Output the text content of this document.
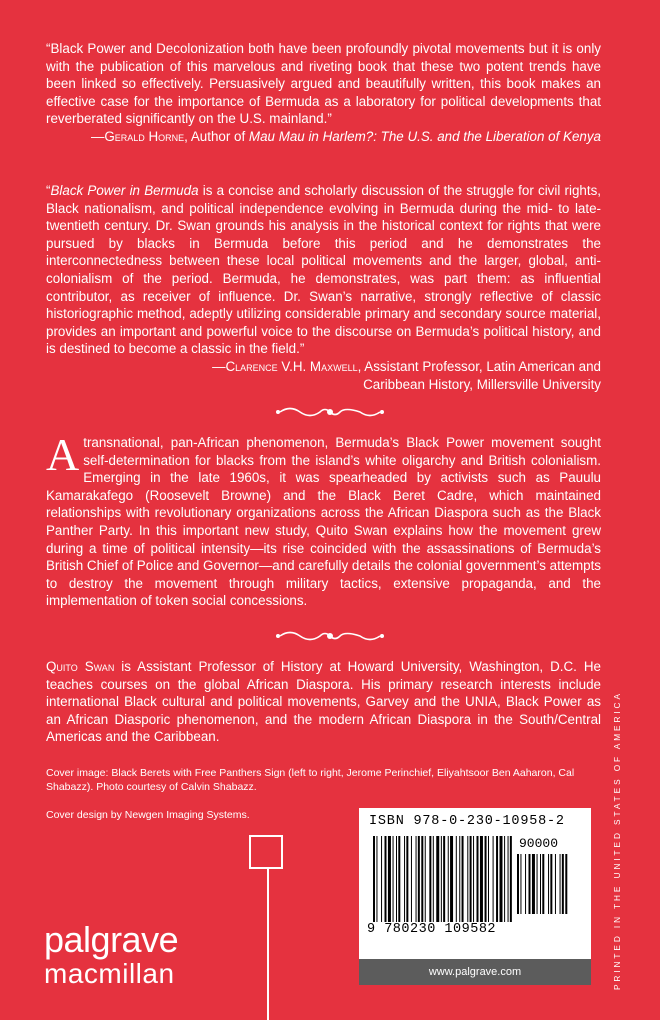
“Black Power and Decolonization both have been profoundly pivotal movements but it is only with the publication of this marvelous and riveting book that these two potent trends have been linked so effectively. Persuasively argued and beautifully written, this book makes an effective case for the importance of Bermuda as a laboratory for political developments that reverberated significantly on the U.S. mainland.”
—Gerald Horne, Author of Mau Mau in Harlem?: The U.S. and the Liberation of Kenya
“Black Power in Bermuda is a concise and scholarly discussion of the struggle for civil rights, Black nationalism, and political independence evolving in Bermuda during the mid- to late-twentieth century. Dr. Swan grounds his analysis in the historical context for rights that were pursued by blacks in Bermuda before this period and he demonstrates the interconnectedness between these local political movements and the larger, global, anti-colonialism of the period. Bermuda, he demonstrates, was part them: as influential contributor, as receiver of influence. Dr. Swan’s narrative, strongly reflective of classic historiographic method, adeptly utilizing considerable primary and secondary source material, provides an important and powerful voice to the discourse on Bermuda’s political history, and is destined to become a classic in the field.”
—Clarence V.H. Maxwell, Assistant Professor, Latin American and
Caribbean History, Millersville University
A transnational, pan-African phenomenon, Bermuda’s Black Power movement sought self-determination for blacks from the island’s white oligarchy and British colonialism. Emerging in the late 1960s, it was spearheaded by activists such as Pauulu Kamarakafego (Roosevelt Browne) and the Black Beret Cadre, which maintained relationships with revolutionary organizations across the African Diaspora such as the Black Panther Party. In this important new study, Quito Swan explains how the movement grew during a time of political intensity—its rise coincided with the assassinations of Bermuda’s British Chief of Police and Governor—and carefully details the colonial government’s attempts to destroy the movement through military tactics, extensive propaganda, and the implementation of token social concessions.
Quito Swan is Assistant Professor of History at Howard University, Washington, D.C. He teaches courses on the global African Diaspora. His primary research interests include international Black cultural and political movements, Garvey and the UNIA, Black Power as an African Diasporic phenomenon, and the modern African Diaspora in the South/Central Americas and the Caribbean.
Cover image: Black Berets with Free Panthers Sign (left to right, Jerome Perinchief, Eliyahtsoor Ben Aaharon, Cal Shabazz). Photo courtesy of Calvin Shabazz.
Cover design by Newgen Imaging Systems.
palgrave
macmillan
ISBN 978-0-230-10958-2
90000
9 780230 109582
www.palgrave.com	PRINTED IN THE UNITED STATES OF AMERICA
